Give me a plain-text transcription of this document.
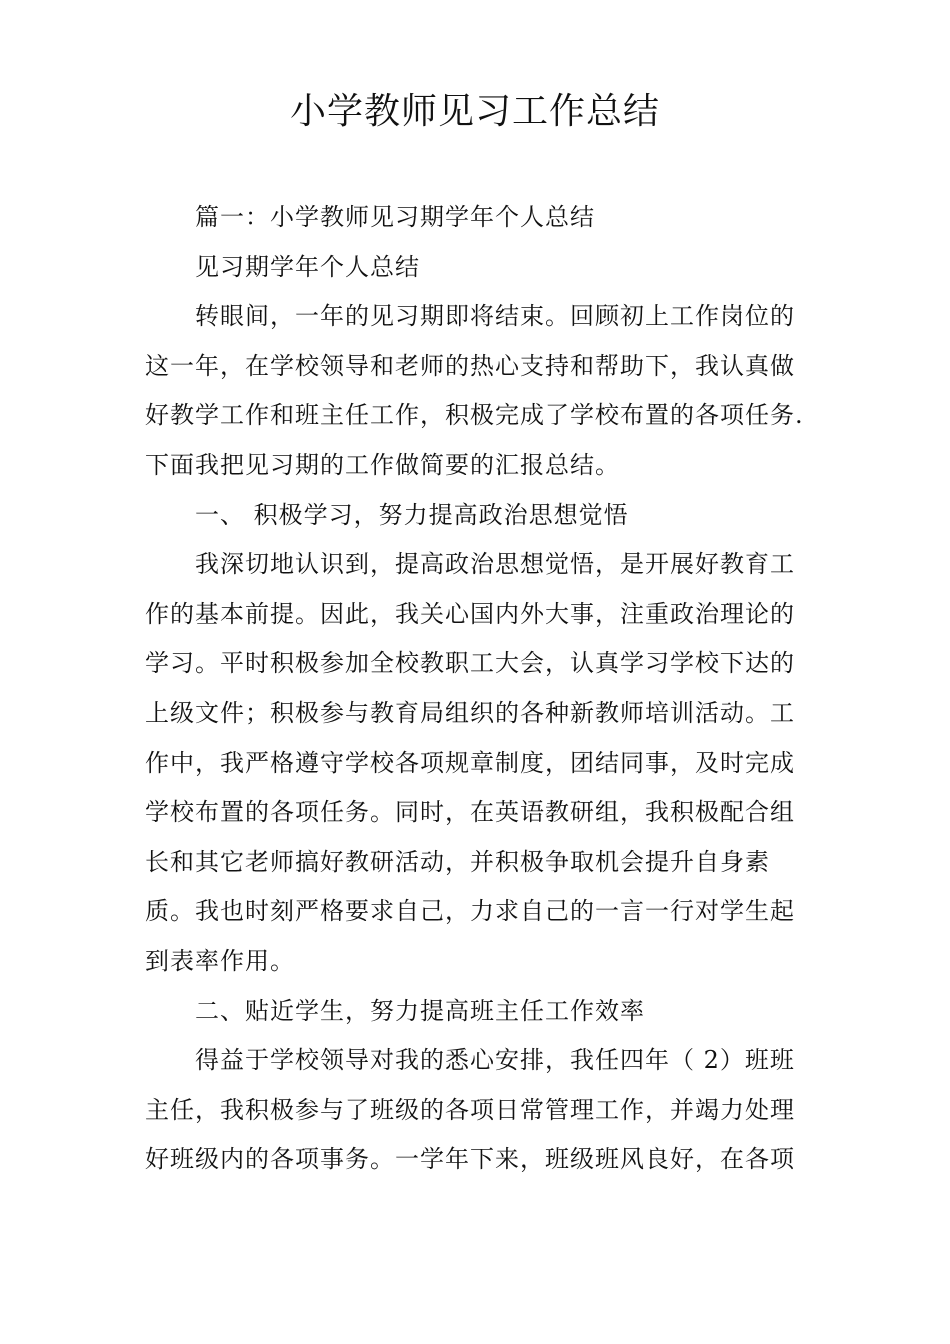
小学教师见习工作总结
篇一：小学教师见习期学年个人总结
见习期学年个人总结
转眼间，一年的见习期即将结束。回顾初上工作岗位的
这一年，在学校领导和老师的热心支持和帮助下，我认真做
好教学工作和班主任工作，积极完成了学校布置的各项任务.
下面我把见习期的工作做简要的汇报总结。
一、 积极学习，努力提高政治思想觉悟
我深切地认识到，提高政治思想觉悟，是开展好教育工
作的基本前提。因此，我关心国内外大事，注重政治理论的
学习。平时积极参加全校教职工大会，认真学习学校下达的
上级文件；积极参与教育局组织的各种新教师培训活动。工
作中，我严格遵守学校各项规章制度，团结同事，及时完成
学校布置的各项任务。同时，在英语教研组，我积极配合组
长和其它老师搞好教研活动，并积极争取机会提升自身素
质。我也时刻严格要求自己，力求自己的一言一行对学生起
到表率作用。
二、贴近学生，努力提高班主任工作效率
得益于学校领导对我的悉心安排，我任四年（ 2）班班
主任，我积极参与了班级的各项日常管理工作，并竭力处理
好班级内的各项事务。一学年下来，班级班风良好，在各项
